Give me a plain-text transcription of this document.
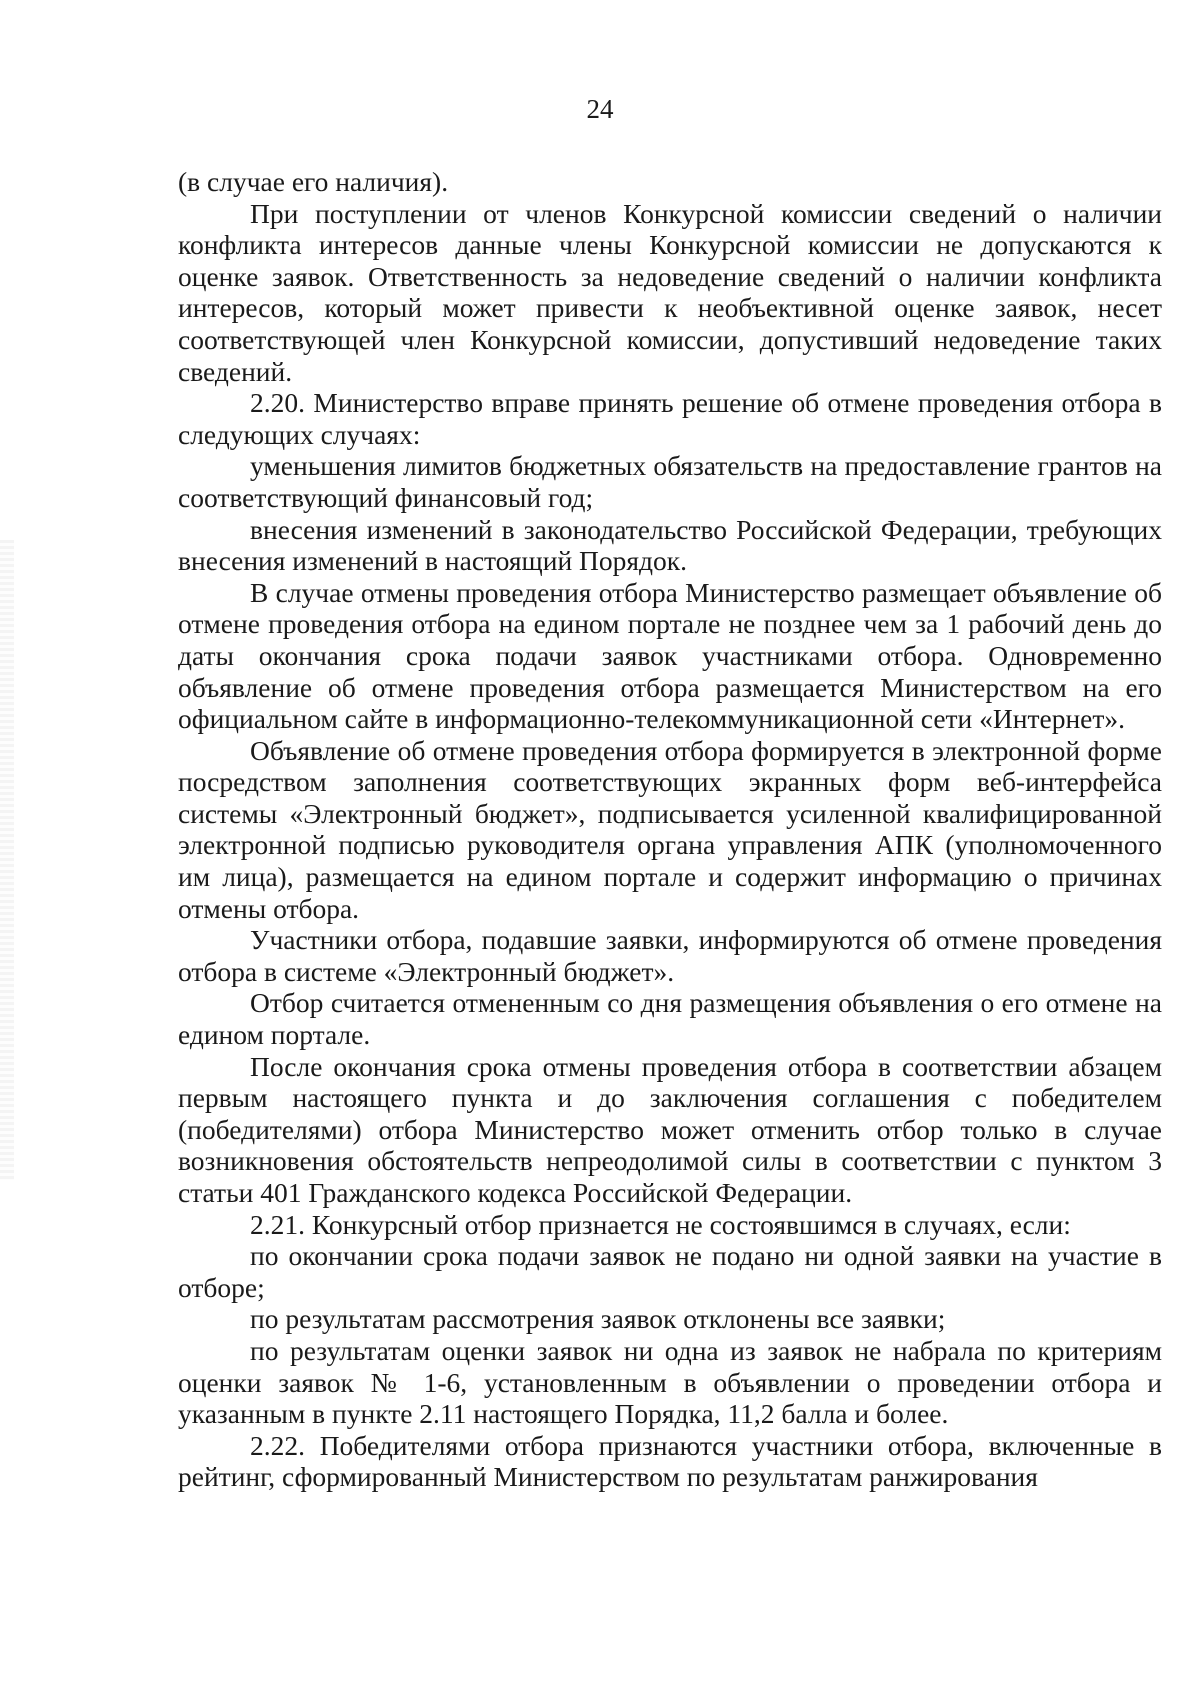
24

(в случае его наличия).

При поступлении от членов Конкурсной комиссии сведений о наличии конфликта интересов данные члены Конкурсной комиссии не допускаются к оценке заявок. Ответственность за недоведение сведений о наличии конфликта интересов, который может привести к необъективной оценке заявок, несет соответствующей член Конкурсной комиссии, допустивший недоведение таких сведений.

2.20. Министерство вправе принять решение об отмене проведения отбора в следующих случаях:

уменьшения лимитов бюджетных обязательств на предоставление грантов на соответствующий финансовый год;

внесения изменений в законодательство Российской Федерации, требующих внесения изменений в настоящий Порядок.

В случае отмены проведения отбора Министерство размещает объявление об отмене проведения отбора на едином портале не позднее чем за 1 рабочий день до даты окончания срока подачи заявок участниками отбора. Одновременно объявление об отмене проведения отбора размещается Министерством на его официальном сайте в информационно-телекоммуникационной сети «Интернет».

Объявление об отмене проведения отбора формируется в электронной форме посредством заполнения соответствующих экранных форм веб-интерфейса системы «Электронный бюджет», подписывается усиленной квалифицированной электронной подписью руководителя органа управления АПК (уполномоченного им лица), размещается на едином портале и содержит информацию о причинах отмены отбора.

Участники отбора, подавшие заявки, информируются об отмене проведения отбора в системе «Электронный бюджет».

Отбор считается отмененным со дня размещения объявления о его отмене на едином портале.

После окончания срока отмены проведения отбора в соответствии абзацем первым настоящего пункта и до заключения соглашения с победителем (победителями) отбора Министерство может отменить отбор только в случае возникновения обстоятельств непреодолимой силы в соответствии с пунктом 3 статьи 401 Гражданского кодекса Российской Федерации.

2.21. Конкурсный отбор признается не состоявшимся в случаях, если:

по окончании срока подачи заявок не подано ни одной заявки на участие в отборе;

по результатам рассмотрения заявок отклонены все заявки;

по результатам оценки заявок ни одна из заявок не набрала по критериям оценки заявок № 1-6, установленным в объявлении о проведении отбора и указанным в пункте 2.11 настоящего Порядка, 11,2 балла и более.

2.22. Победителями отбора признаются участники отбора, включенные в рейтинг, сформированный Министерством по результатам ранжирования
